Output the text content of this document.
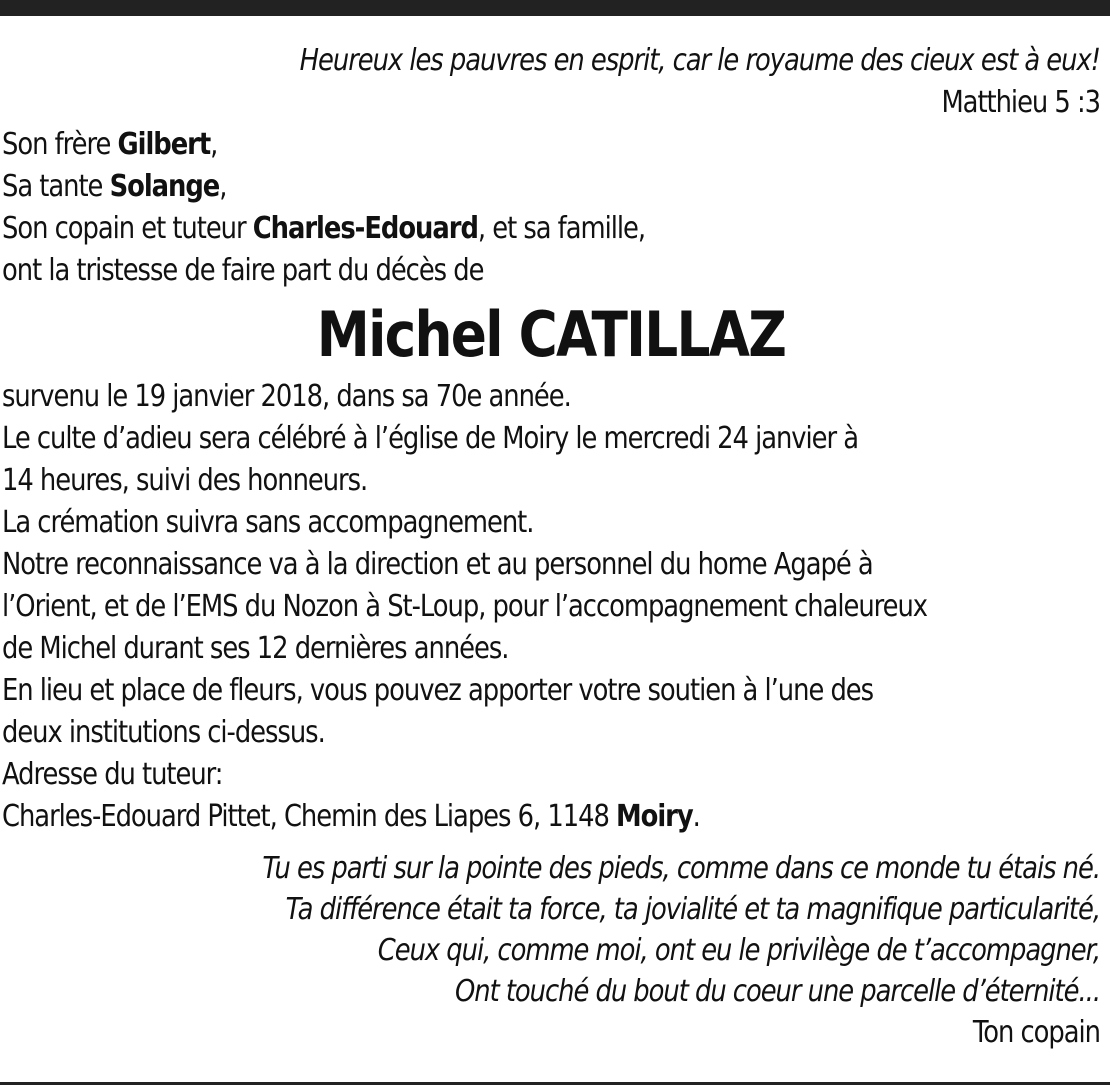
Heureux les pauvres en esprit, car le royaume des cieux est à eux!
Matthieu 5 :3
Son frère Gilbert,
Sa tante Solange,
Son copain et tuteur Charles-Edouard, et sa famille,
ont la tristesse de faire part du décès de
Michel CATILLAZ
survenu le 19 janvier 2018, dans sa 70e année.
Le culte d’adieu sera célébré à l’église de Moiry le mercredi 24 janvier à
14 heures, suivi des honneurs.
La crémation suivra sans accompagnement.
Notre reconnaissance va à la direction et au personnel du home Agapé à
l’Orient, et de l’EMS du Nozon à St-Loup, pour l’accompagnement chaleureux
de Michel durant ses 12 dernières années.
En lieu et place de fleurs, vous pouvez apporter votre soutien à l’une des
deux institutions ci-dessus.
Adresse du tuteur:
Charles-Edouard Pittet, Chemin des Liapes 6, 1148 Moiry.
Tu es parti sur la pointe des pieds, comme dans ce monde tu étais né.
Ta différence était ta force, ta jovialité et ta magnifique particularité,
Ceux qui, comme moi, ont eu le privilège de t’accompagner,
Ont touché du bout du coeur une parcelle d’éternité...
Ton copain
